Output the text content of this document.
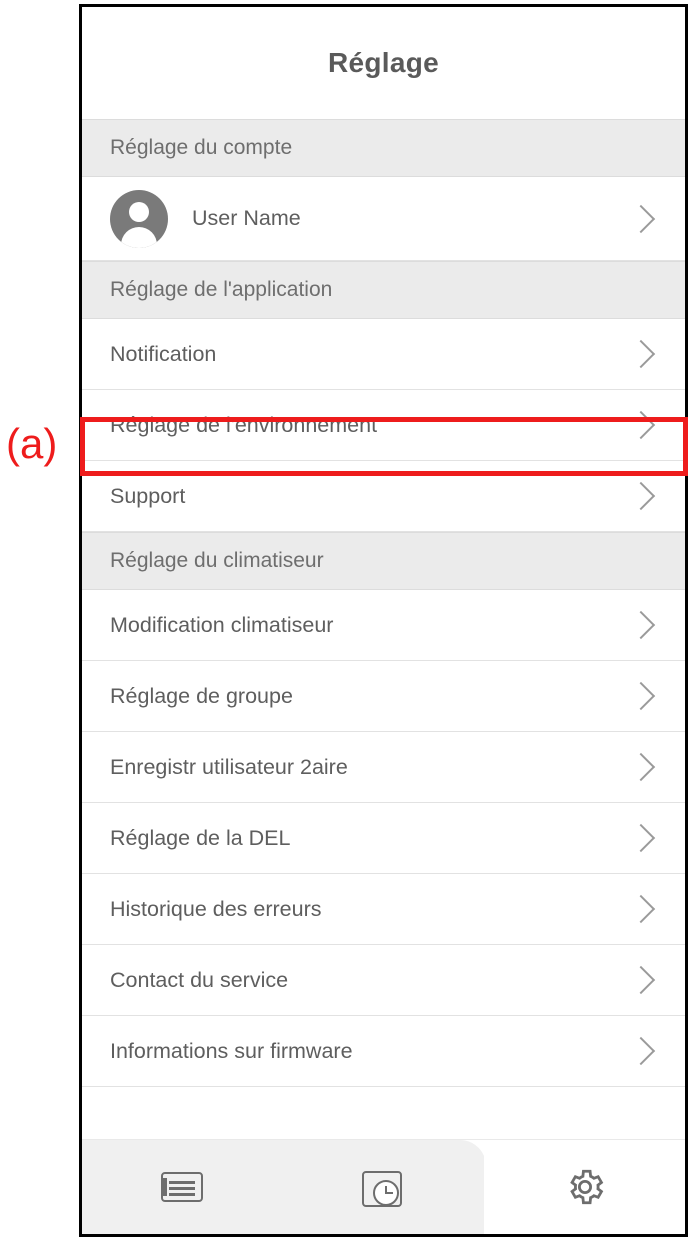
Réglage
Réglage du compte
User Name
Réglage de l'application
Notification
Réglage de l'environnement
Support
Réglage du climatiseur
Modification climatiseur
Réglage de groupe
Enregistr utilisateur 2aire
Réglage de la DEL
Historique des erreurs
Contact du service
Informations sur firmware
· · · ·
(a)
